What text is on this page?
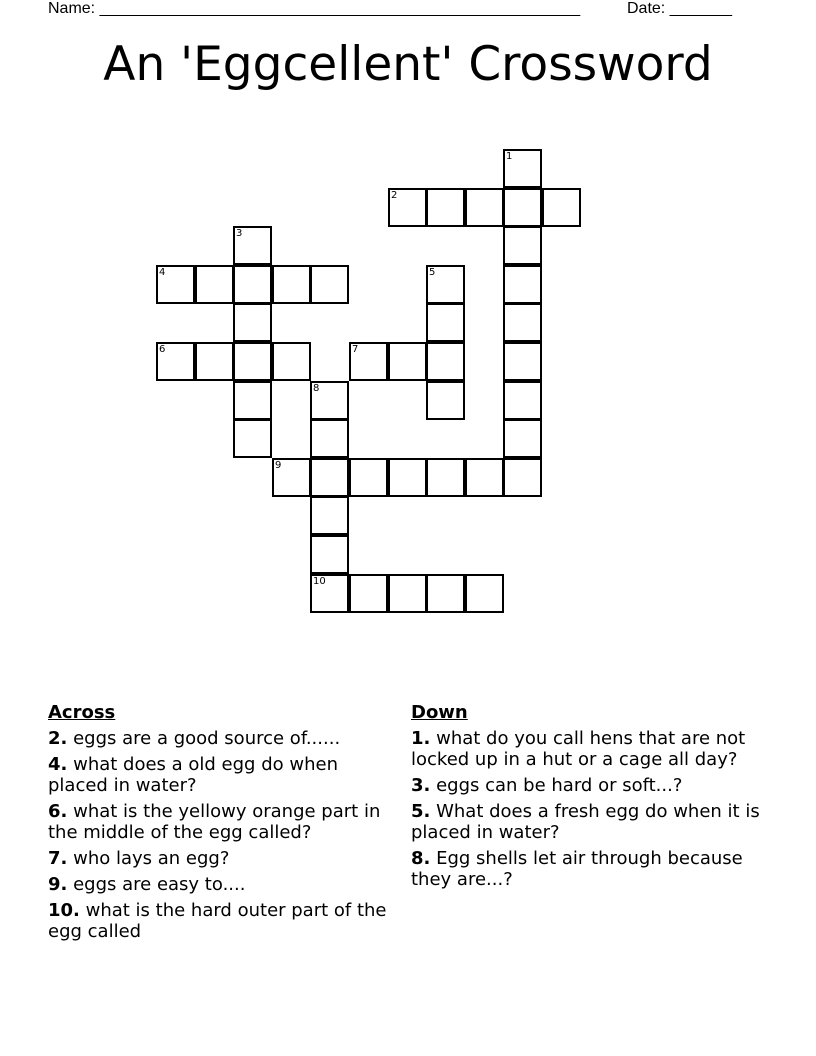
Name: ______________________________________________________	Date: _______
An 'Eggcellent' Crossword
1
2
3
4	5
6	7
8
9
10
Across
2. eggs are a good source of......
4. what does a old egg do when placed in water?
6. what is the yellowy orange part in the middle of the egg called?
7. who lays an egg?
9. eggs are easy to....
10. what is the hard outer part of the egg called
Down
1. what do you call hens that are not locked up in a hut or a cage all day?
3. eggs can be hard or soft...?
5. What does a fresh egg do when it is placed in water?
8. Egg shells let air through because they are...?
